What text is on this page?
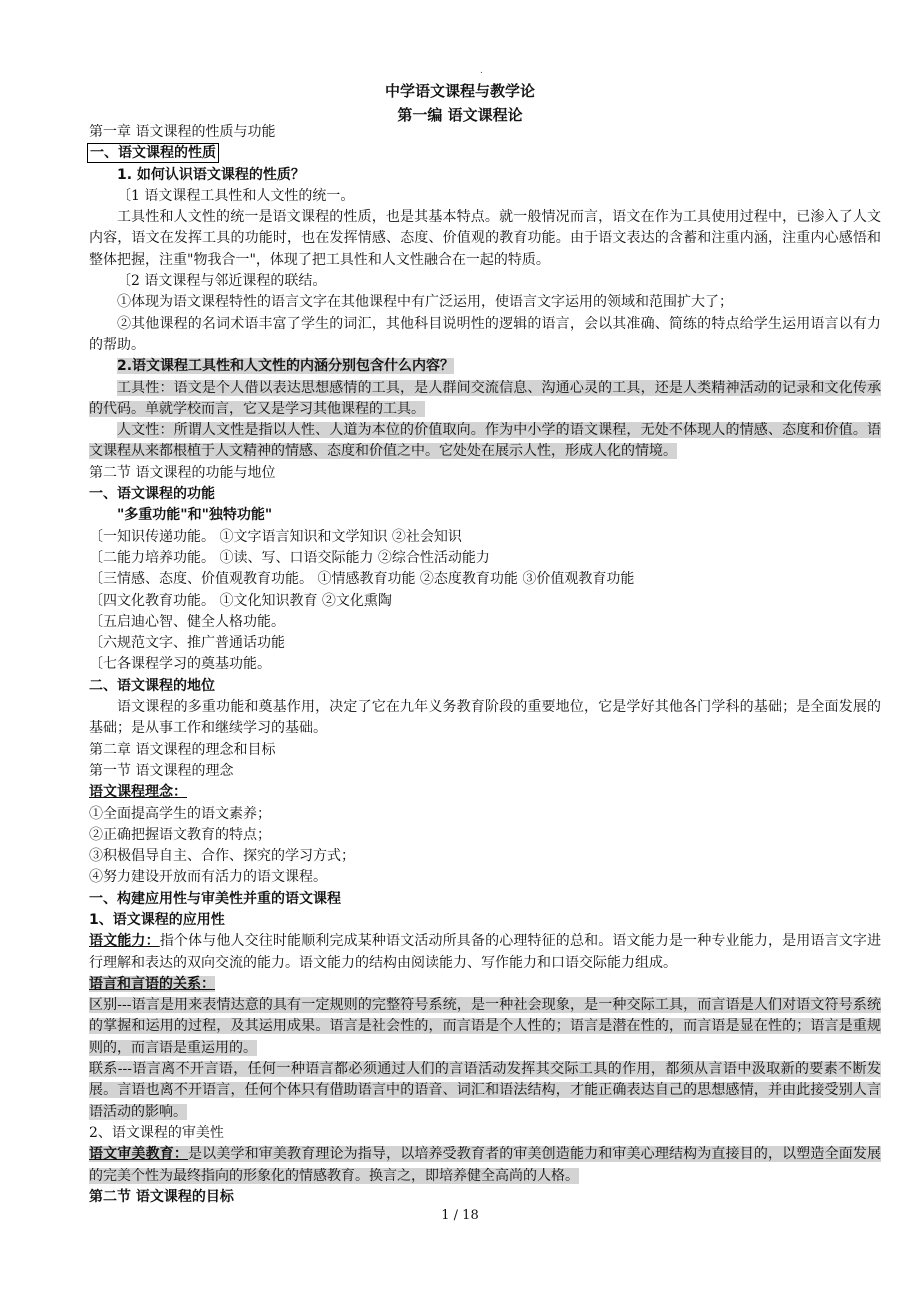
.
中学语文课程与教学论
第一编 语文课程论

第一章 语文课程的性质与功能

一、语文课程的性质

1. 如何认识语文课程的性质？

〔1 语文课程工具性和人文性的统一。

工具性和人文性的统一是语文课程的性质，也是其基本特点。就一般情况而言，语文在作为工具使用过程中，已渗入了人文内容，语文在发挥工具的功能时，也在发挥情感、态度、价值观的教育功能。由于语文表达的含蓄和注重内涵，注重内心感悟和整体把握，注重"物我合一"，体现了把工具性和人文性融合在一起的特质。

〔2 语文课程与邻近课程的联结。

①体现为语文课程特性的语言文字在其他课程中有广泛运用，使语言文字运用的领域和范围扩大了；

②其他课程的名词术语丰富了学生的词汇，其他科目说明性的逻辑的语言，会以其准确、简练的特点给学生运用语言以有力的帮助。

2.语文课程工具性和人文性的内涵分别包含什么内容？

工具性：语文是个人借以表达思想感情的工具，是人群间交流信息、沟通心灵的工具，还是人类精神活动的记录和文化传承的代码。单就学校而言，它又是学习其他课程的工具。

人文性：所谓人文性是指以人性、人道为本位的价值取向。作为中小学的语文课程，无处不体现人的情感、态度和价值。语文课程从来都根植于人文精神的情感、态度和价值之中。它处处在展示人性，形成人化的情境。

第二节 语文课程的功能与地位

一、语文课程的功能

"多重功能"和"独特功能"

〔一知识传递功能。 ①文字语言知识和文学知识 ②社会知识

〔二能力培养功能。 ①读、写、口语交际能力 ②综合性活动能力

〔三情感、态度、价值观教育功能。 ①情感教育功能 ②态度教育功能 ③价值观教育功能

〔四文化教育功能。 ①文化知识教育 ②文化熏陶

〔五启迪心智、健全人格功能。

〔六规范文字、推广普通话功能

〔七各课程学习的奠基功能。

二、语文课程的地位

语文课程的多重功能和奠基作用，决定了它在九年义务教育阶段的重要地位，它是学好其他各门学科的基础；是全面发展的基础；是从事工作和继续学习的基础。

第二章 语文课程的理念和目标

第一节 语文课程的理念

语文课程理念：

①全面提高学生的语文素养；

②正确把握语文教育的特点；

③积极倡导自主、合作、探究的学习方式；

④努力建设开放而有活力的语文课程。

一、构建应用性与审美性并重的语文课程

1、语文课程的应用性

语文能力：指个体与他人交往时能顺利完成某种语文活动所具备的心理特征的总和。语文能力是一种专业能力，是用语言文字进行理解和表达的双向交流的能力。语文能力的结构由阅读能力、写作能力和口语交际能力组成。

语言和言语的关系：

区别---语言是用来表情达意的具有一定规则的完整符号系统，是一种社会现象，是一种交际工具，而言语是人们对语文符号系统的掌握和运用的过程，及其运用成果。语言是社会性的，而言语是个人性的；语言是潜在性的，而言语是显在性的；语言是重规则的，而言语是重运用的。

联系---语言离不开言语，任何一种语言都必须通过人们的言语活动发挥其交际工具的作用，都须从言语中汲取新的要素不断发展。言语也离不开语言，任何个体只有借助语言中的语音、词汇和语法结构，才能正确表达自己的思想感情，并由此接受别人言语活动的影响。

2、语文课程的审美性

语文审美教育：是以美学和审美教育理论为指导，以培养受教育者的审美创造能力和审美心理结构为直接目的，以塑造全面发展的完美个性为最终指向的形象化的情感教育。换言之，即培养健全高尚的人格。

第二节 语文课程的目标

1 / 18
